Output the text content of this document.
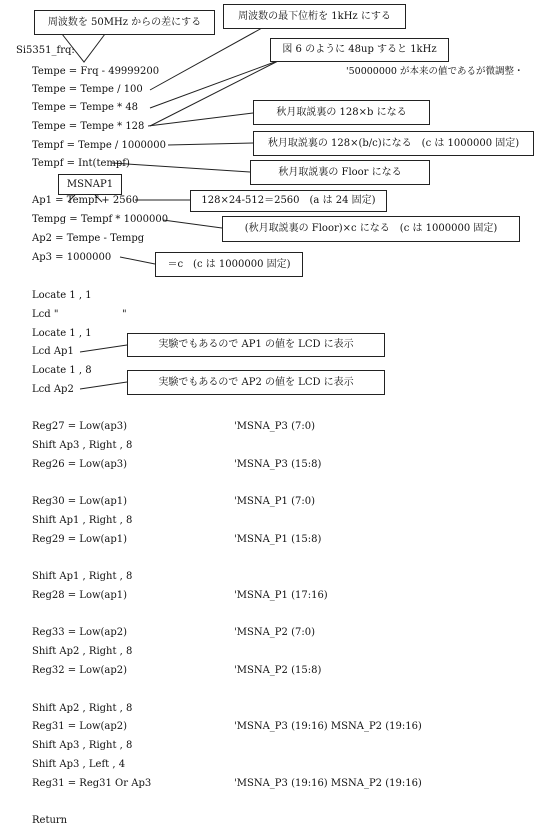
Si5351_frq:
Tempe = Frq - 49999200
Tempe = Tempe / 100
Tempe = Tempe * 48
Tempe = Tempe * 128
Tempf = Tempe / 1000000
Tempf = Int(tempf)
Ap1 = Tempf + 2560
Tempg = Tempf * 1000000
Ap2 = Tempe - Tempg
Ap3 = 1000000
Locate 1 , 1
Lcd "                    "
Locate 1 , 1
Lcd Ap1
Locate 1 , 8
Lcd Ap2
Reg27 = Low(ap3)
Shift Ap3 , Right , 8
Reg26 = Low(ap3)
Reg30 = Low(ap1)
Shift Ap1 , Right , 8
Reg29 = Low(ap1)
Shift Ap1 , Right , 8
Reg28 = Low(ap1)
Reg33 = Low(ap2)
Shift Ap2 , Right , 8
Reg32 = Low(ap2)
Shift Ap2 , Right , 8
Reg31 = Low(ap2)
Shift Ap3 , Right , 8
Shift Ap3 , Left , 4
Reg31 = Reg31 Or Ap3
Return
'MSNA_P3 (7:0)
'MSNA_P3 (15:8)
'MSNA_P1 (7:0)
'MSNA_P1 (15:8)
'MSNA_P1 (17:16)
'MSNA_P2 (7:0)
'MSNA_P2 (15:8)
'MSNA_P3 (19:16) MSNA_P2 (19:16)
'MSNA_P3 (19:16) MSNA_P2 (19:16)
'50000000 が本来の値であるが微調整・
周波数を 50MHz からの差にする
周波数の最下位桁を 1kHz にする
図 6 のように 48up すると 1kHz
秋月取説裏の 128×b になる
秋月取説裏の 128×(b/c)になる　(c は 1000000 固定)
秋月取説裏の Floor になる
MSNAP1
128×24-512＝2560　(a は 24 固定)
(秋月取説裏の Floor)×c になる　(c は 1000000 固定)
＝c　(c は 1000000 固定)
実験でもあるので AP1 の値を LCD に表示
実験でもあるので AP2 の値を LCD に表示
